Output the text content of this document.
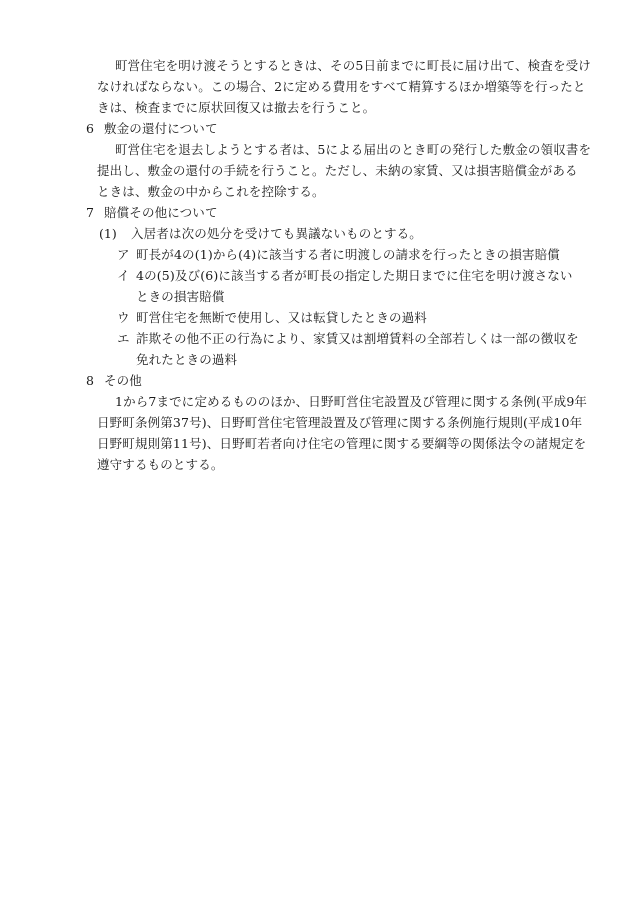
町営住宅を明け渡そうとするときは、その5日前までに町長に届け出て、検査を受け
なければならない。この場合、2に定める費用をすべて精算するほか増築等を行ったと
きは、検査までに原状回復又は撤去を行うこと。
6 敷金の還付について
町営住宅を退去しようとする者は、5による届出のとき町の発行した敷金の領収書を
提出し、敷金の還付の手続を行うこと。ただし、未納の家賃、又は損害賠償金がある
ときは、敷金の中からこれを控除する。
7 賠償その他について
(1) 入居者は次の処分を受けても異議ないものとする。
ア 町長が4の(1)から(4)に該当する者に明渡しの請求を行ったときの損害賠償
イ 4の(5)及び(6)に該当する者が町長の指定した期日までに住宅を明け渡さない
ときの損害賠償
ウ 町営住宅を無断で使用し、又は転貸したときの過料
エ 詐欺その他不正の行為により、家賃又は割増賃料の全部若しくは一部の徴収を
免れたときの過料
8 その他
1から7までに定めるもののほか、日野町営住宅設置及び管理に関する条例(平成9年
日野町条例第37号)、日野町営住宅管理設置及び管理に関する条例施行規則(平成10年
日野町規則第11号)、日野町若者向け住宅の管理に関する要綱等の関係法令の諸規定を
遵守するものとする。
